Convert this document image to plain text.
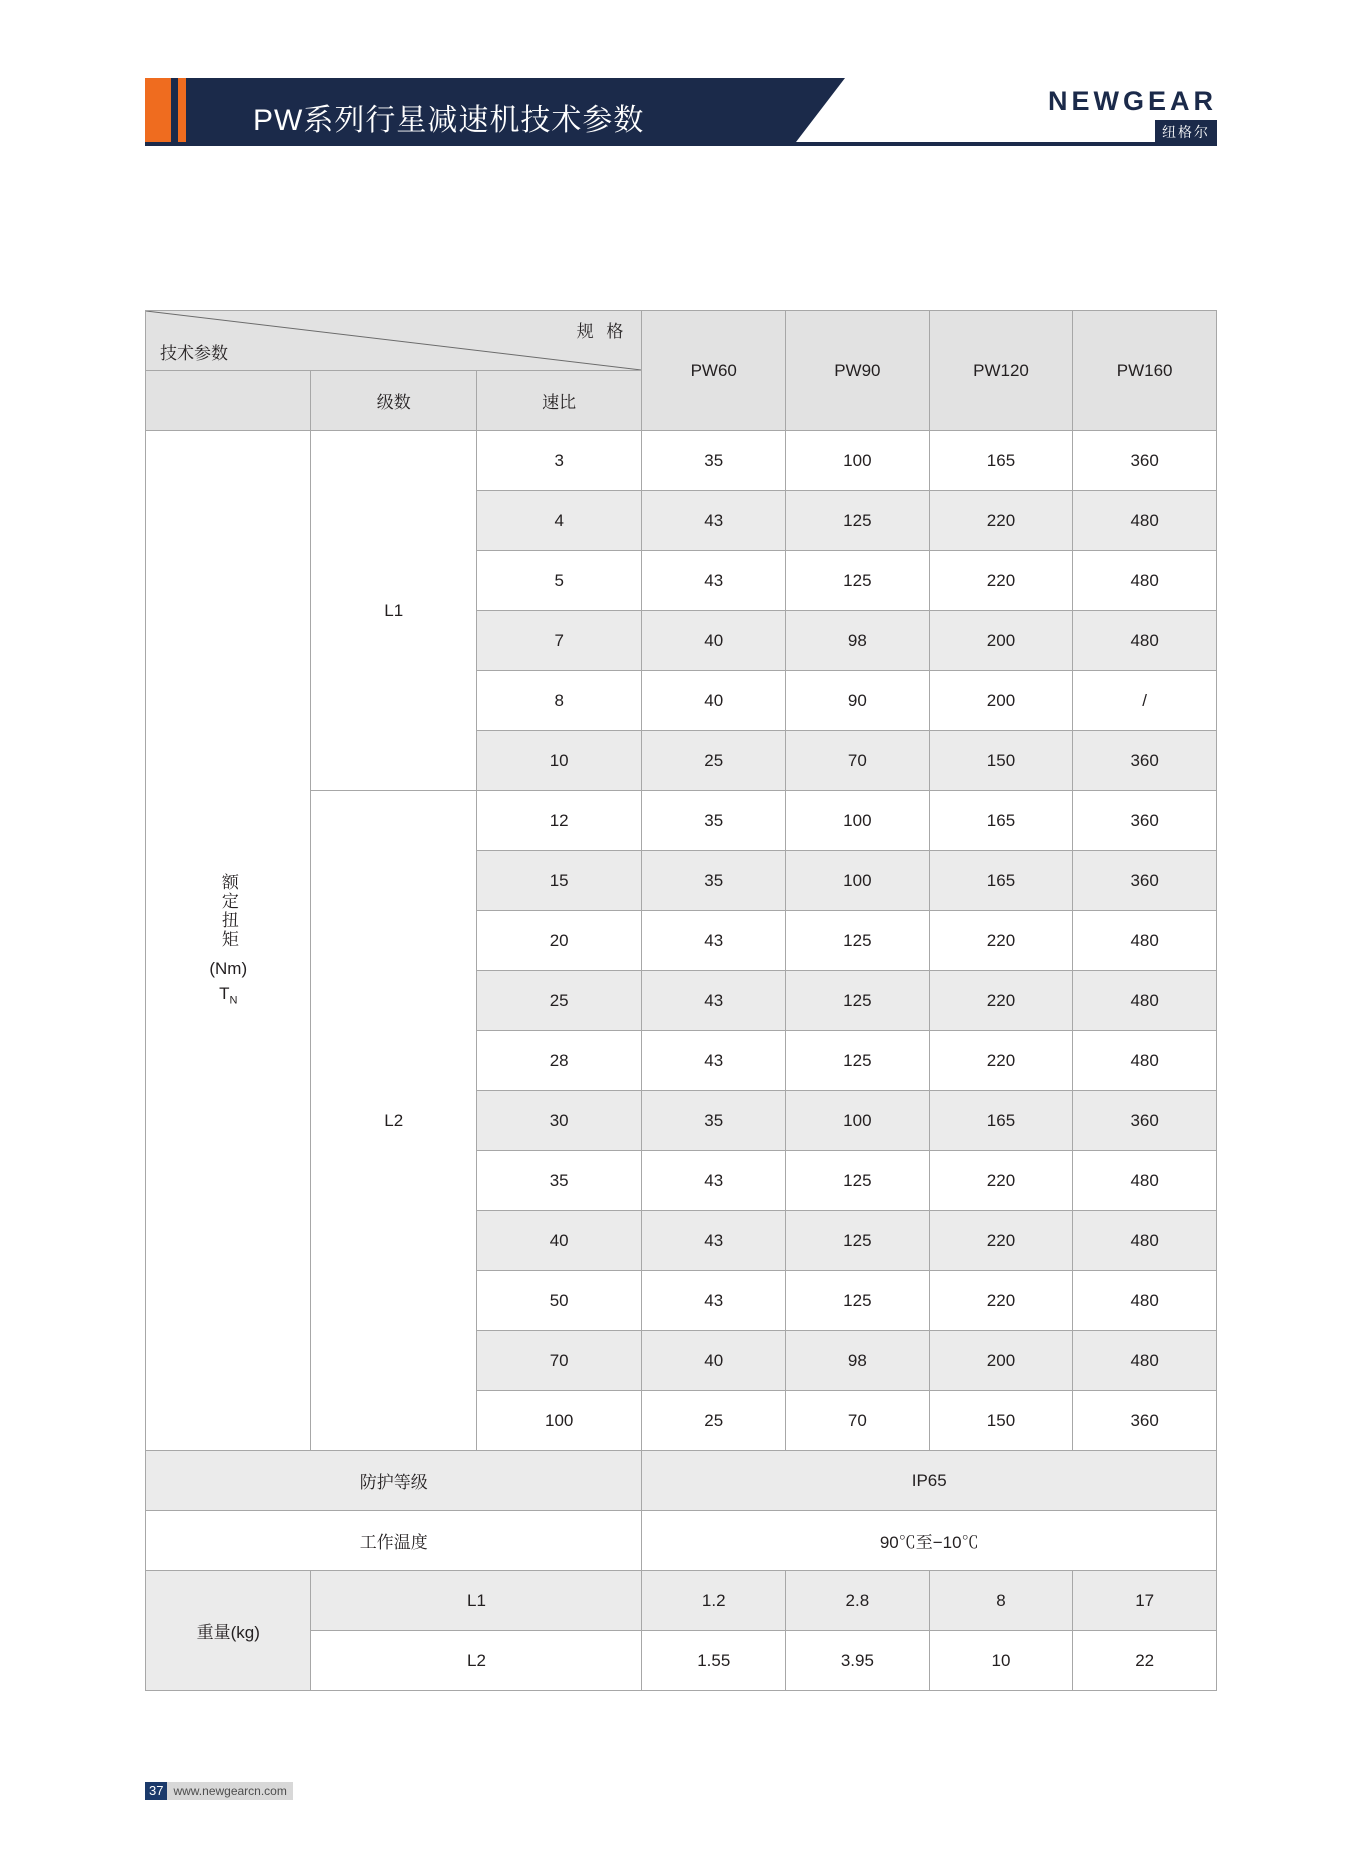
PW系列行星减速机技术参数
NEWGEAR
纽格尔
规 格
技术参数			PW60	PW90	PW120	PW160
	级数	速比				
额定扭矩
(Nm)
$T_N$	L1	3	35	100	165	360
		4	43	125	220	480
		5	43	125	220	480
		7	40	98	200	480
		8	40	90	200	/
		10	25	70	150	360
	L2	12	35	100	165	360
		15	35	100	165	360
		20	43	125	220	480
		25	43	125	220	480
		28	43	125	220	480
		30	35	100	165	360
		35	43	125	220	480
		40	43	125	220	480
		50	43	125	220	480
		70	40	98	200	480
		100	25	70	150	360
防护等级			IP65			
工作温度			90℃至−10℃			
重量(kg)	L1		1.2	2.8	8	17
	L2		1.55	3.95	10	22
37 www.newgearcn.com
